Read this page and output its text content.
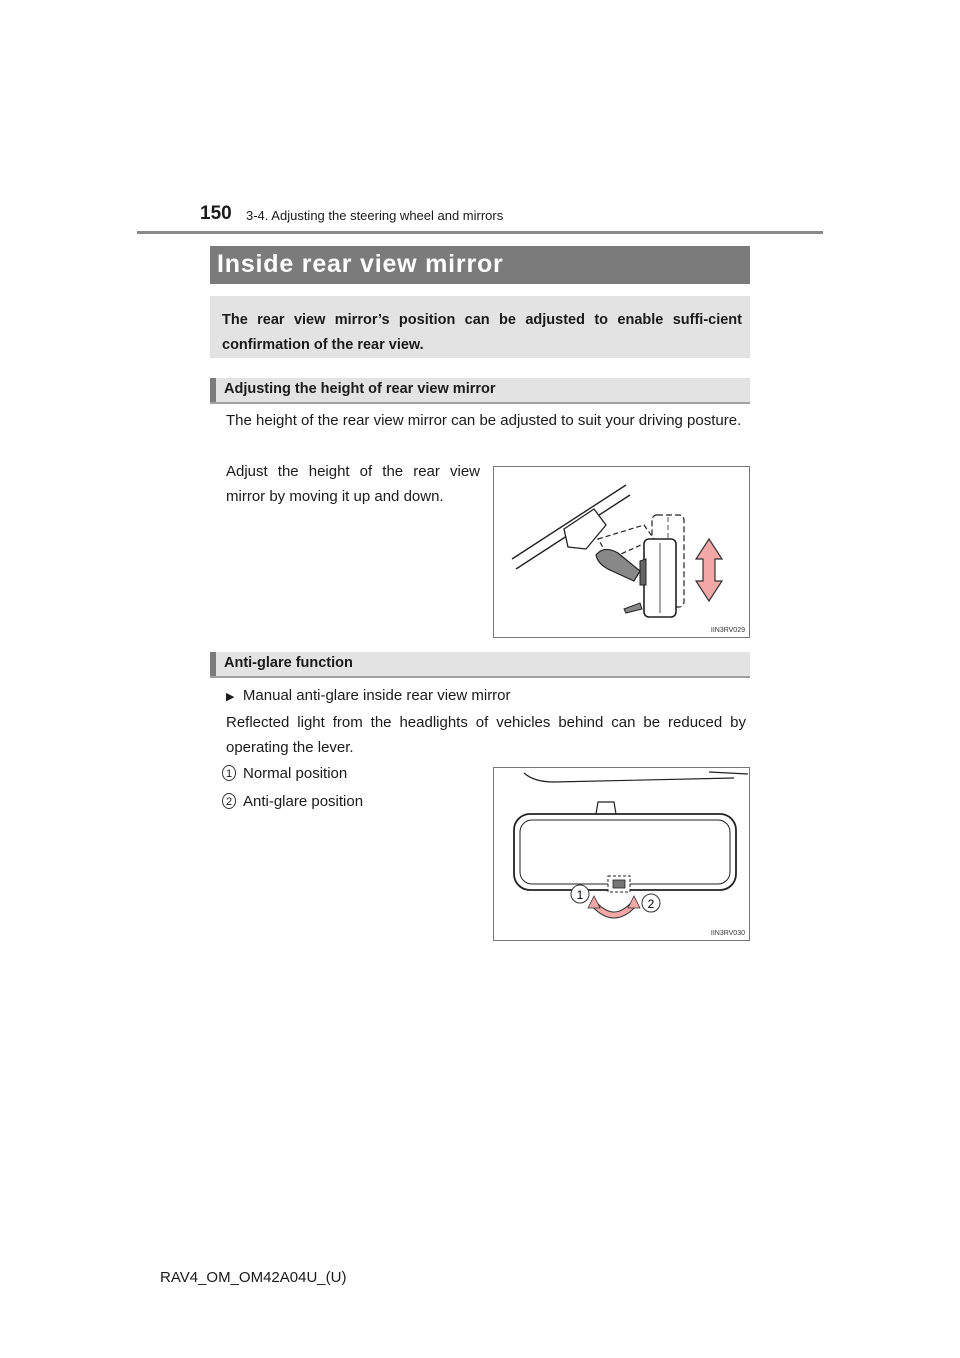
150 3-4. Adjusting the steering wheel and mirrors
Inside rear view mirror
The rear view mirror’s position can be adjusted to enable suffi-cient confirmation of the rear view.
Adjusting the height of rear view mirror
The height of the rear view mirror can be adjusted to suit your driving posture.
Adjust the height of the rear view mirror by moving it up and down.
IIN3RV029
Anti-glare function
▶ Manual anti-glare inside rear view mirror
Reflected light from the headlights of vehicles behind can be reduced by operating the lever.
1 Normal position
2 Anti-glare position
1
2
IIN3RV030
RAV4_OM_OM42A04U_(U)
